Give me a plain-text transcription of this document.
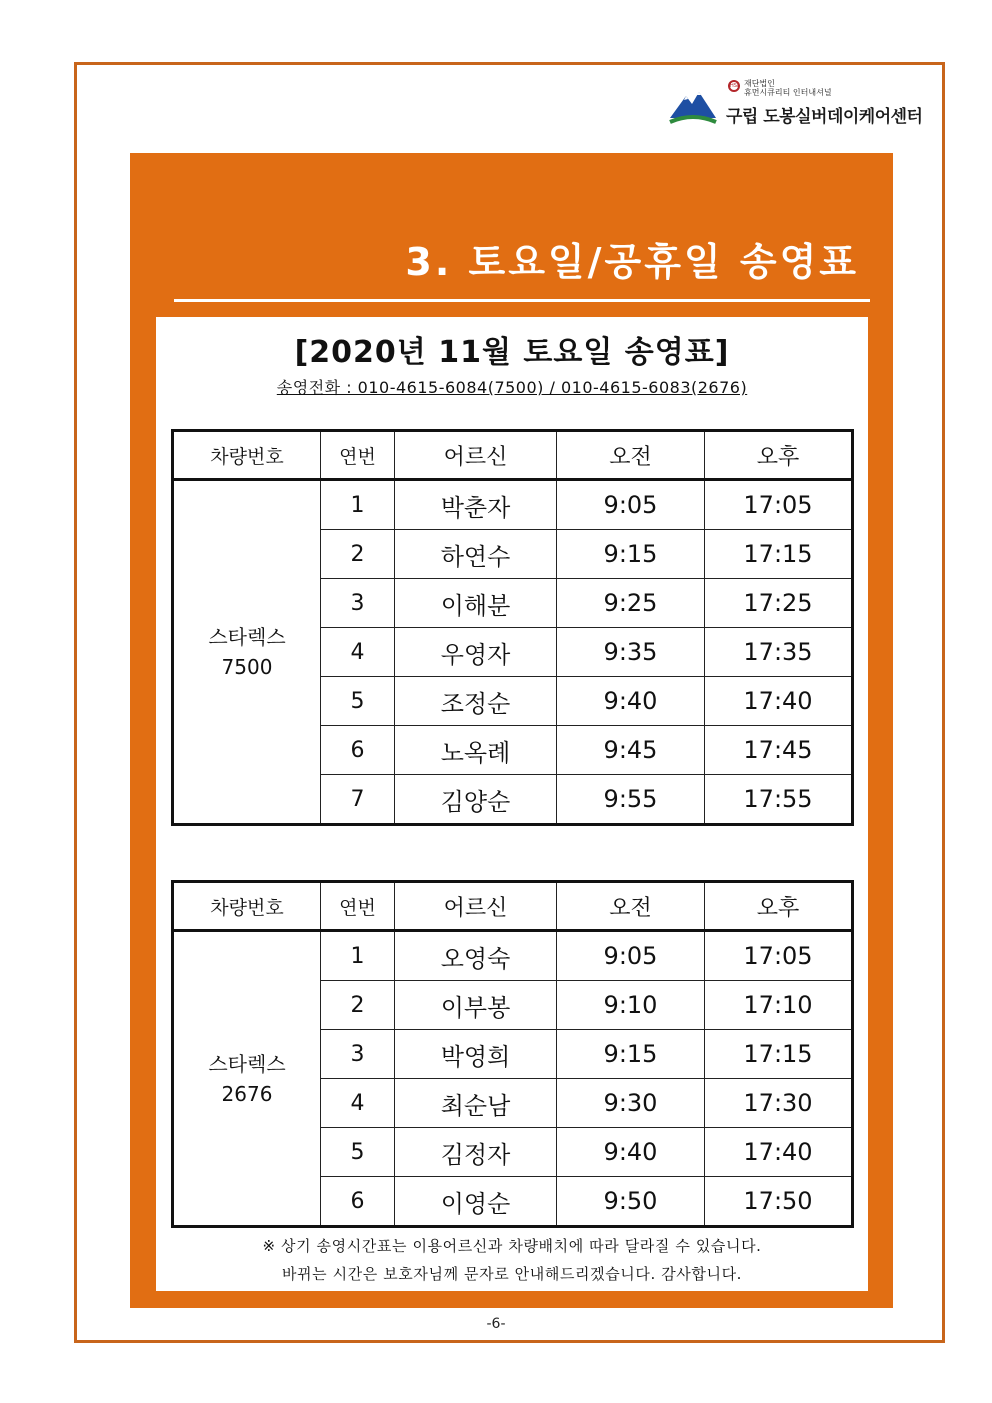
HSI 재단법인
휴먼시큐리티 인터내셔널
구립 도봉실버데이케어센터
3. 토요일/공휴일 송영표
[2020년 11월 토요일 송영표]
송영전화 : 010-4615-6084(7500) / 010-4615-6083(2676)
차량번호	연번	어르신	오전	오후
스타렉스
7500	1	박춘자	9:05	17:05
	2	하연수	9:15	17:15
	3	이해분	9:25	17:25
	4	우영자	9:35	17:35
	5	조정순	9:40	17:40
	6	노옥례	9:45	17:45
	7	김양순	9:55	17:55
차량번호	연번	어르신	오전	오후
스타렉스
2676	1	오영숙	9:05	17:05
	2	이부봉	9:10	17:10
	3	박영희	9:15	17:15
	4	최순남	9:30	17:30
	5	김정자	9:40	17:40
	6	이영순	9:50	17:50
※ 상기 송영시간표는 이용어르신과 차량배치에 따라 달라질 수 있습니다.
바뀌는 시간은 보호자님께 문자로 안내해드리겠습니다. 감사합니다.
-6-
